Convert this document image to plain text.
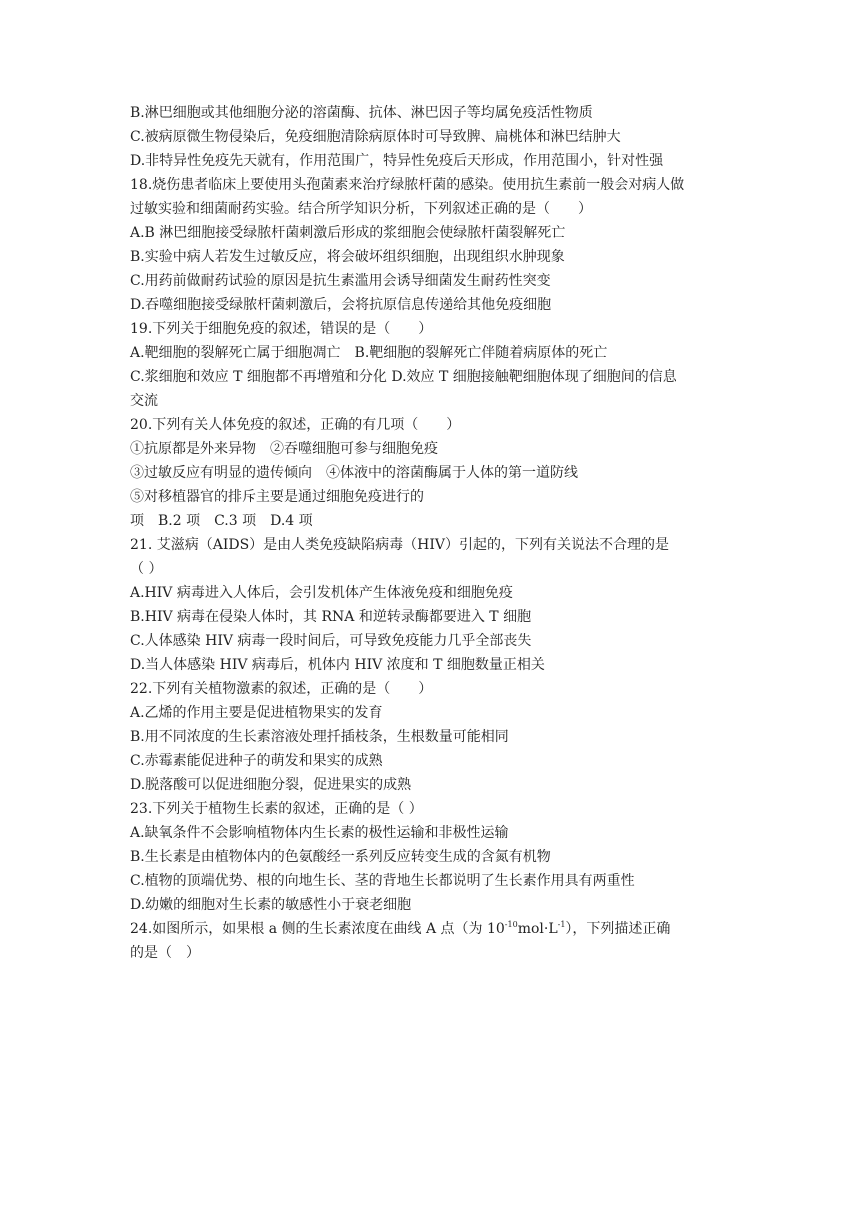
B.淋巴细胞或其他细胞分泌的溶菌酶、抗体、淋巴因子等均属免疫活性物质
C.被病原微生物侵染后，免疫细胞清除病原体时可导致脾、扁桃体和淋巴结肿大
D.非特异性免疫先天就有，作用范围广，特异性免疫后天形成，作用范围小，针对性强
18.烧伤患者临床上要使用头孢菌素来治疗绿脓杆菌的感染。使用抗生素前一般会对病人做
过敏实验和细菌耐药实验。结合所学知识分析，下列叙述正确的是（　　）
A.B 淋巴细胞接受绿脓杆菌刺激后形成的浆细胞会使绿脓杆菌裂解死亡
B.实验中病人若发生过敏反应，将会破坏组织细胞，出现组织水肿现象
C.用药前做耐药试验的原因是抗生素滥用会诱导细菌发生耐药性突变
D.吞噬细胞接受绿脓杆菌刺激后，会将抗原信息传递给其他免疫细胞
19.下列关于细胞免疫的叙述，错误的是（　　）
A.靶细胞的裂解死亡属于细胞凋亡　B.靶细胞的裂解死亡伴随着病原体的死亡
C.浆细胞和效应 T 细胞都不再增殖和分化 D.效应 T 细胞接触靶细胞体现了细胞间的信息
交流
20.下列有关人体免疫的叙述，正确的有几项（　　）
①抗原都是外来异物　②吞噬细胞可参与细胞免疫
③过敏反应有明显的遗传倾向　④体液中的溶菌酶属于人体的第一道防线
⑤对移植器官的排斥主要是通过细胞免疫进行的
项　B.2 项　C.3 项　D.4 项
21. 艾滋病（AIDS）是由人类免疫缺陷病毒（HIV）引起的，下列有关说法不合理的是
（ ）
A.HIV 病毒进入人体后，会引发机体产生体液免疫和细胞免疫
B.HIV 病毒在侵染人体时，其 RNA 和逆转录酶都要进入 T 细胞
C.人体感染 HIV 病毒一段时间后，可导致免疫能力几乎全部丧失
D.当人体感染 HIV 病毒后，机体内 HIV 浓度和 T 细胞数量正相关
22.下列有关植物激素的叙述，正确的是（　　）
A.乙烯的作用主要是促进植物果实的发育
B.用不同浓度的生长素溶液处理扦插枝条，生根数量可能相同
C.赤霉素能促进种子的萌发和果实的成熟
D.脱落酸可以促进细胞分裂，促进果实的成熟
23.下列关于植物生长素的叙述，正确的是（ ）
A.缺氧条件不会影响植物体内生长素的极性运输和非极性运输
B.生长素是由植物体内的色氨酸经一系列反应转变生成的含氮有机物
C.植物的顶端优势、根的向地生长、茎的背地生长都说明了生长素作用具有两重性
D.幼嫩的细胞对生长素的敏感性小于衰老细胞
24.如图所示，如果根 a 侧的生长素浓度在曲线 A 点（为 $10^{-10}mol\cdot L^{-1}$），下列描述正确
的是（　）
